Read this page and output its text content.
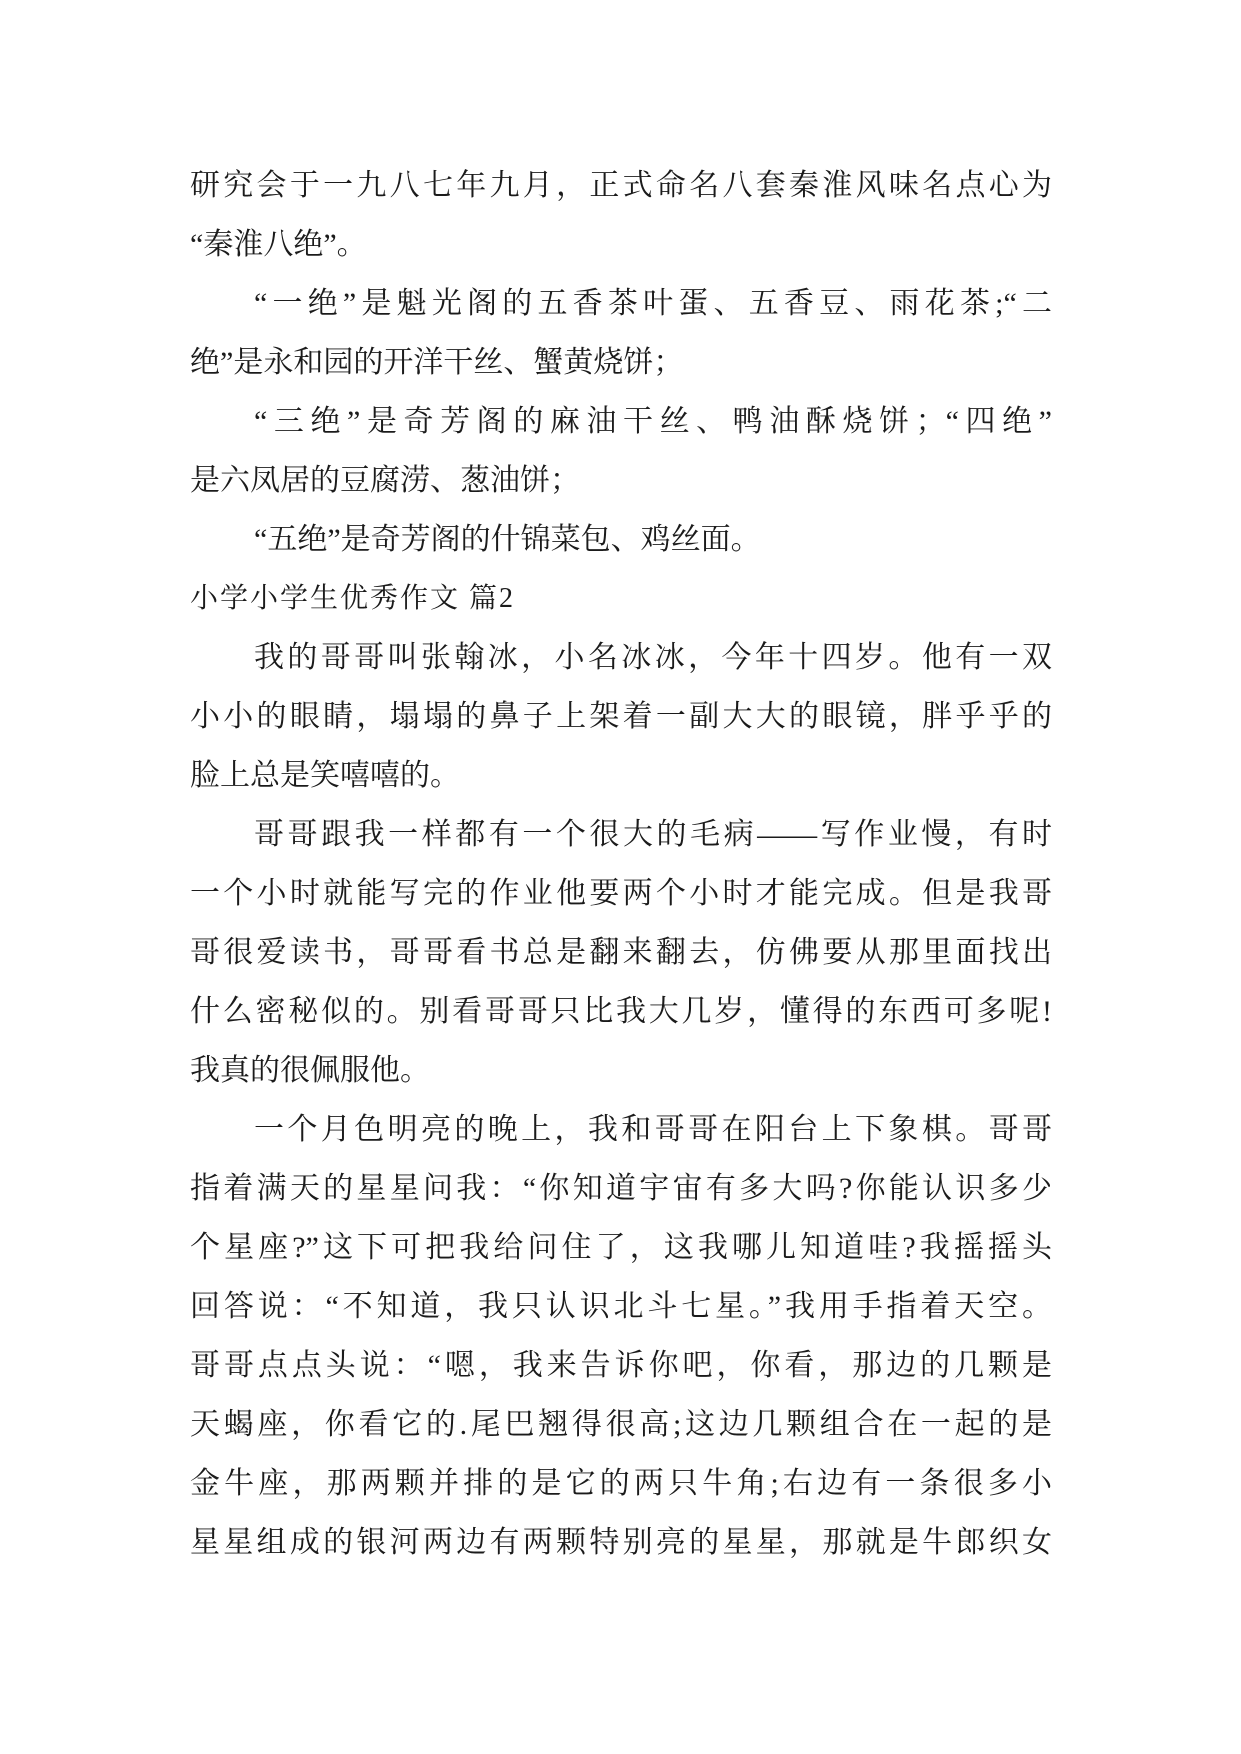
研究会于一九八七年九月，正式命名八套秦淮风味名点心为
“秦淮八绝”。
“一绝”是魁光阁的五香茶叶蛋、五香豆、雨花茶;“二
绝”是永和园的开洋干丝、蟹黄烧饼；
“三绝”是奇芳阁的麻油干丝、鸭油酥烧饼；“四绝”
是六凤居的豆腐涝、葱油饼；
“五绝”是奇芳阁的什锦菜包、鸡丝面。
小学小学生优秀作文 篇2
我的哥哥叫张翰冰，小名冰冰，今年十四岁。他有一双
小小的眼睛，塌塌的鼻子上架着一副大大的眼镜，胖乎乎的
脸上总是笑嘻嘻的。
哥哥跟我一样都有一个很大的毛病——写作业慢，有时
一个小时就能写完的作业他要两个小时才能完成。但是我哥
哥很爱读书，哥哥看书总是翻来翻去，仿佛要从那里面找出
什么密秘似的。别看哥哥只比我大几岁，懂得的东西可多呢!
我真的很佩服他。
一个月色明亮的晚上，我和哥哥在阳台上下象棋。哥哥
指着满天的星星问我：“你知道宇宙有多大吗?你能认识多少
个星座?”这下可把我给问住了，这我哪儿知道哇?我摇摇头
回答说：“不知道，我只认识北斗七星。”我用手指着天空。
哥哥点点头说：“嗯，我来告诉你吧，你看，那边的几颗是
天蝎座，你看它的.尾巴翘得很高;这边几颗组合在一起的是
金牛座，那两颗并排的是它的两只牛角;右边有一条很多小
星星组成的银河两边有两颗特别亮的星星，那就是牛郎织女
